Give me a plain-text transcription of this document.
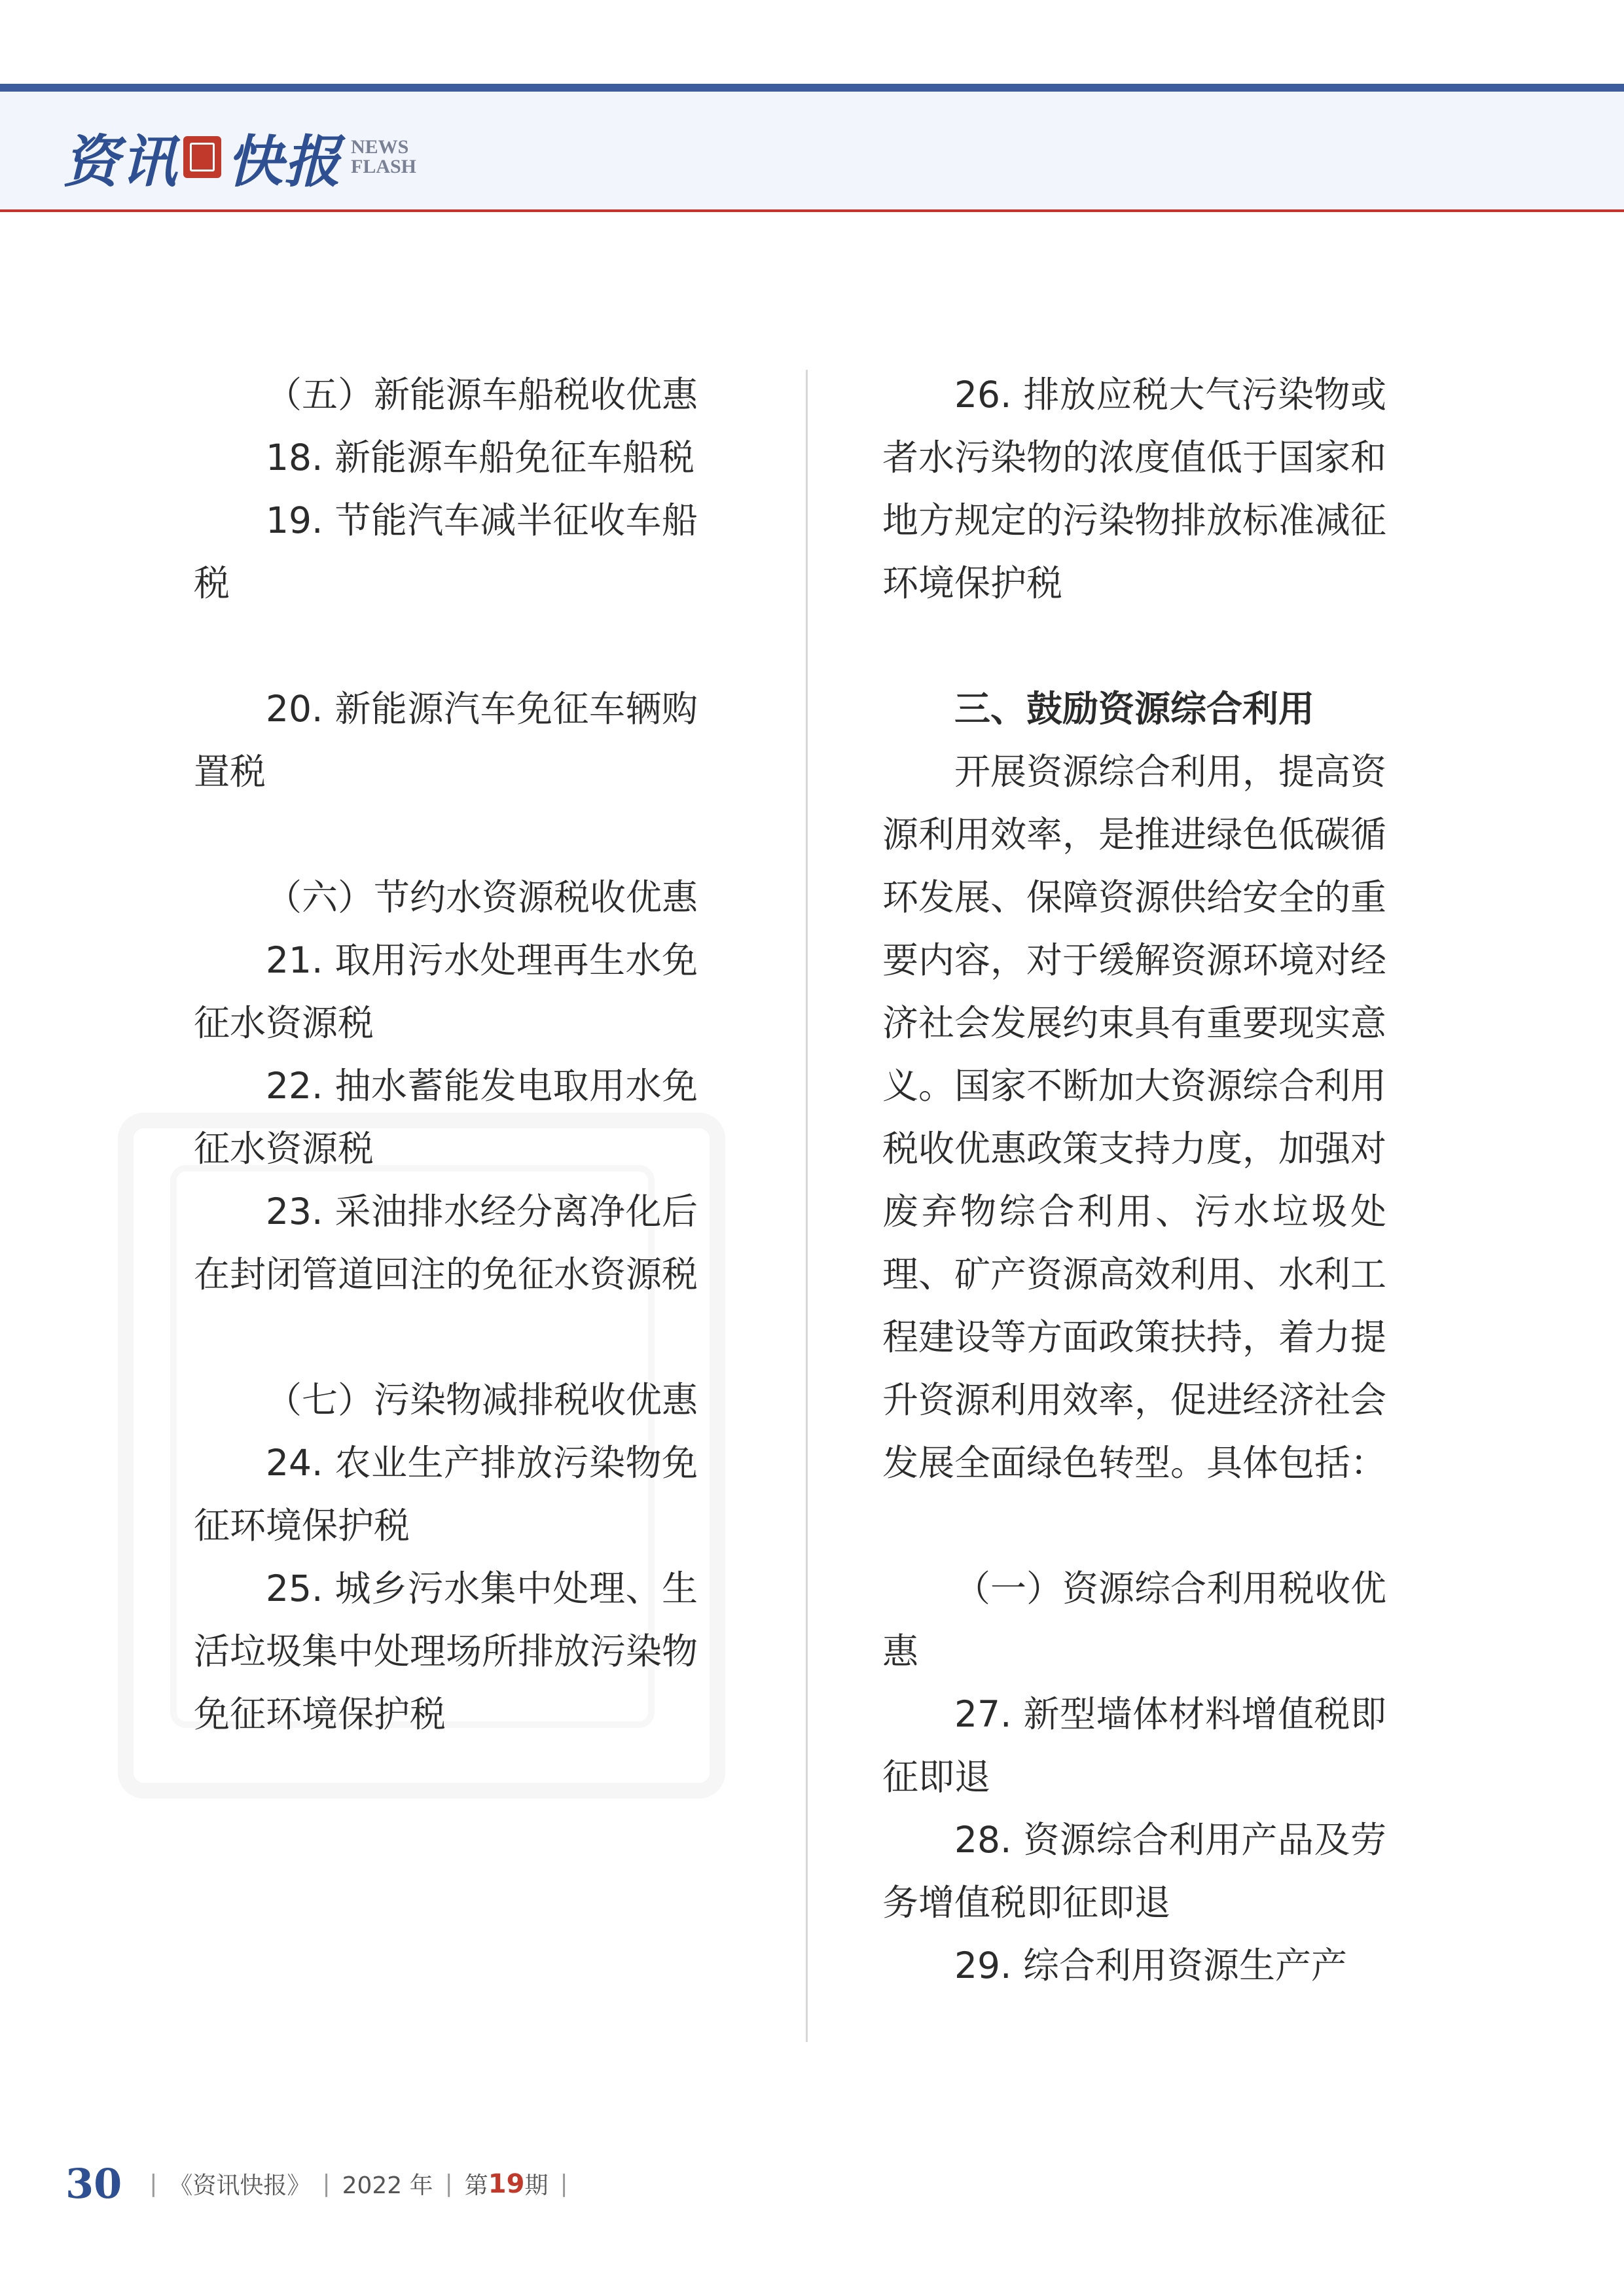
资讯 快报 NEWS
FLASH

（五）新能源车船税收优惠

18. 新能源车船免征车船税

19. 节能汽车减半征收车船税

20. 新能源汽车免征车辆购置税

（六）节约水资源税收优惠

21. 取用污水处理再生水免征水资源税

22. 抽水蓄能发电取用水免征水资源税

23. 采油排水经分离净化后在封闭管道回注的免征水资源税

（七）污染物减排税收优惠

24. 农业生产排放污染物免征环境保护税

25. 城乡污水集中处理、生活垃圾集中处理场所排放污染物免征环境保护税

26. 排放应税大气污染物或者水污染物的浓度值低于国家和地方规定的污染物排放标准减征环境保护税

三、鼓励资源综合利用

开展资源综合利用，提高资源利用效率，是推进绿色低碳循环发展、保障资源供给安全的重要内容，对于缓解资源环境对经济社会发展约束具有重要现实意义。国家不断加大资源综合利用税收优惠政策支持力度，加强对废弃物综合利用、污水垃圾处理、矿产资源高效利用、水利工程建设等方面政策扶持，着力提升资源利用效率，促进经济社会发展全面绿色转型。具体包括：

（一）资源综合利用税收优惠

27. 新型墙体材料增值税即征即退

28. 资源综合利用产品及劳务增值税即征即退

29. 综合利用资源生产产

30 | 《资讯快报》 | 2022 年 | 第 19 期 |
